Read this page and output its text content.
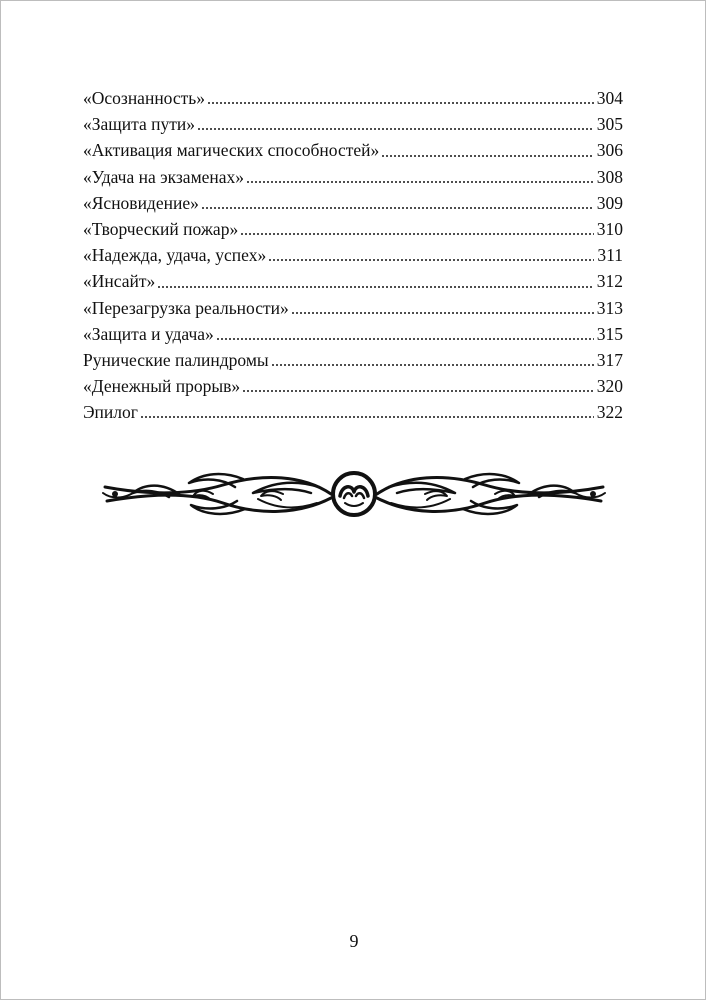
«Осознанность»	304
«Защита пути»	305
«Активация магических способностей»	306
«Удача на экзаменах»	308
«Ясновидение»	309
«Творческий пожар»	310
«Надежда, удача, успех»	311
«Инсайт»	312
«Перезагрузка реальности»	313
«Защита и удача»	315
Рунические палиндромы	317
«Денежный прорыв»	320
Эпилог	322
9
